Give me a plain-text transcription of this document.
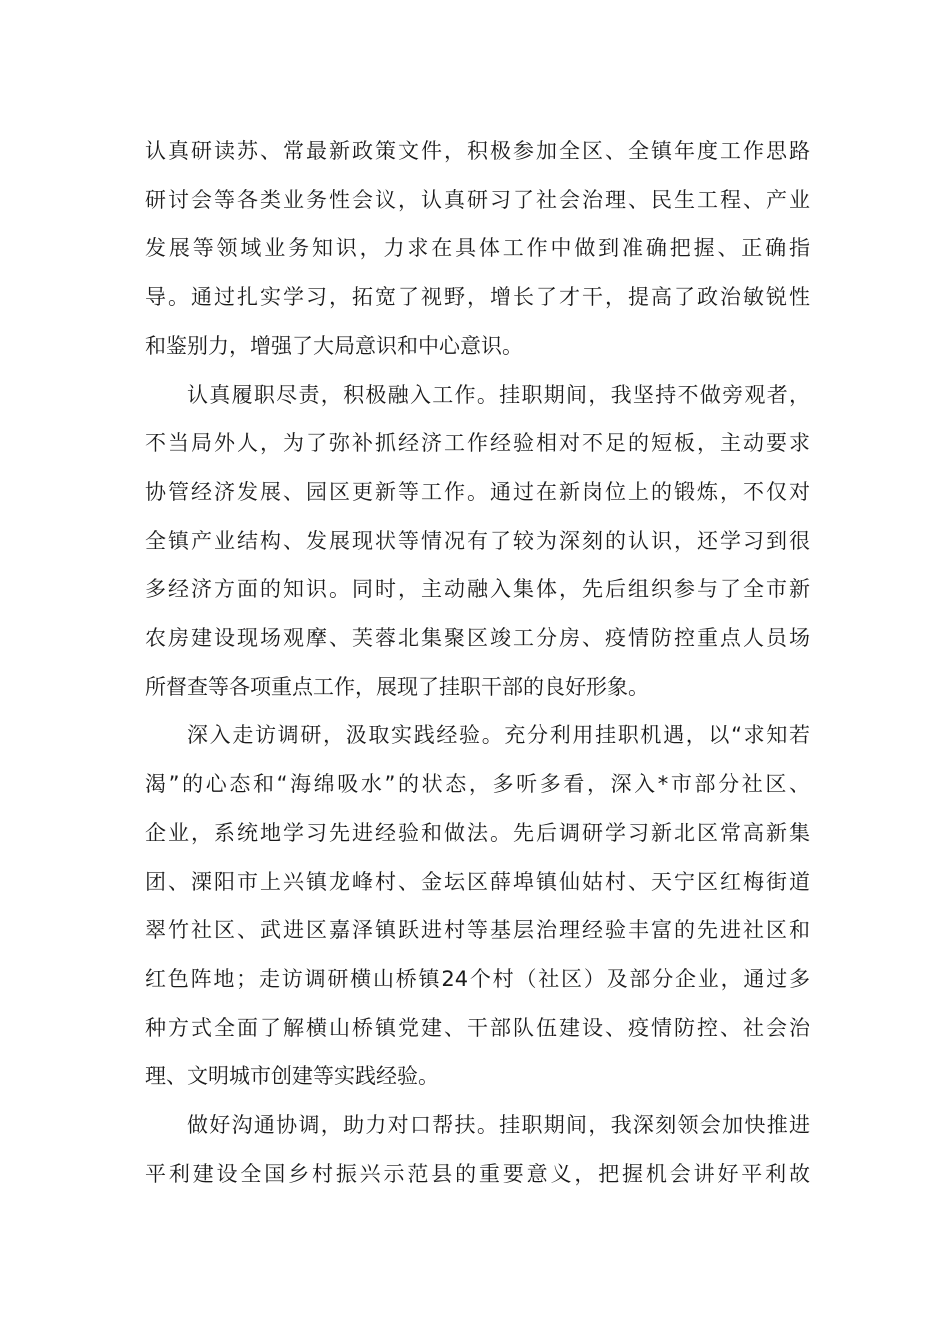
认真研读苏、常最新政策文件，积极参加全区、全镇年度工作思路
研讨会等各类业务性会议，认真研习了社会治理、民生工程、产业
发展等领域业务知识，力求在具体工作中做到准确把握、正确指
导。通过扎实学习，拓宽了视野，增长了才干，提高了政治敏锐性
和鉴别力，增强了大局意识和中心意识。
认真履职尽责，积极融入工作。挂职期间，我坚持不做旁观者，
不当局外人，为了弥补抓经济工作经验相对不足的短板，主动要求
协管经济发展、园区更新等工作。通过在新岗位上的锻炼，不仅对
全镇产业结构、发展现状等情况有了较为深刻的认识，还学习到很
多经济方面的知识。同时，主动融入集体，先后组织参与了全市新
农房建设现场观摩、芙蓉北集聚区竣工分房、疫情防控重点人员场
所督查等各项重点工作，展现了挂职干部的良好形象。
深入走访调研，汲取实践经验。充分利用挂职机遇，以“求知若
渴”的心态和“海绵吸水”的状态，多听多看，深入*市部分社区、
企业，系统地学习先进经验和做法。先后调研学习新北区常高新集
团、溧阳市上兴镇龙峰村、金坛区薛埠镇仙姑村、天宁区红梅街道
翠竹社区、武进区嘉泽镇跃进村等基层治理经验丰富的先进社区和
红色阵地；走访调研横山桥镇24个村（社区）及部分企业，通过多
种方式全面了解横山桥镇党建、干部队伍建设、疫情防控、社会治
理、文明城市创建等实践经验。
做好沟通协调，助力对口帮扶。挂职期间，我深刻领会加快推进
平利建设全国乡村振兴示范县的重要意义，把握机会讲好平利故
